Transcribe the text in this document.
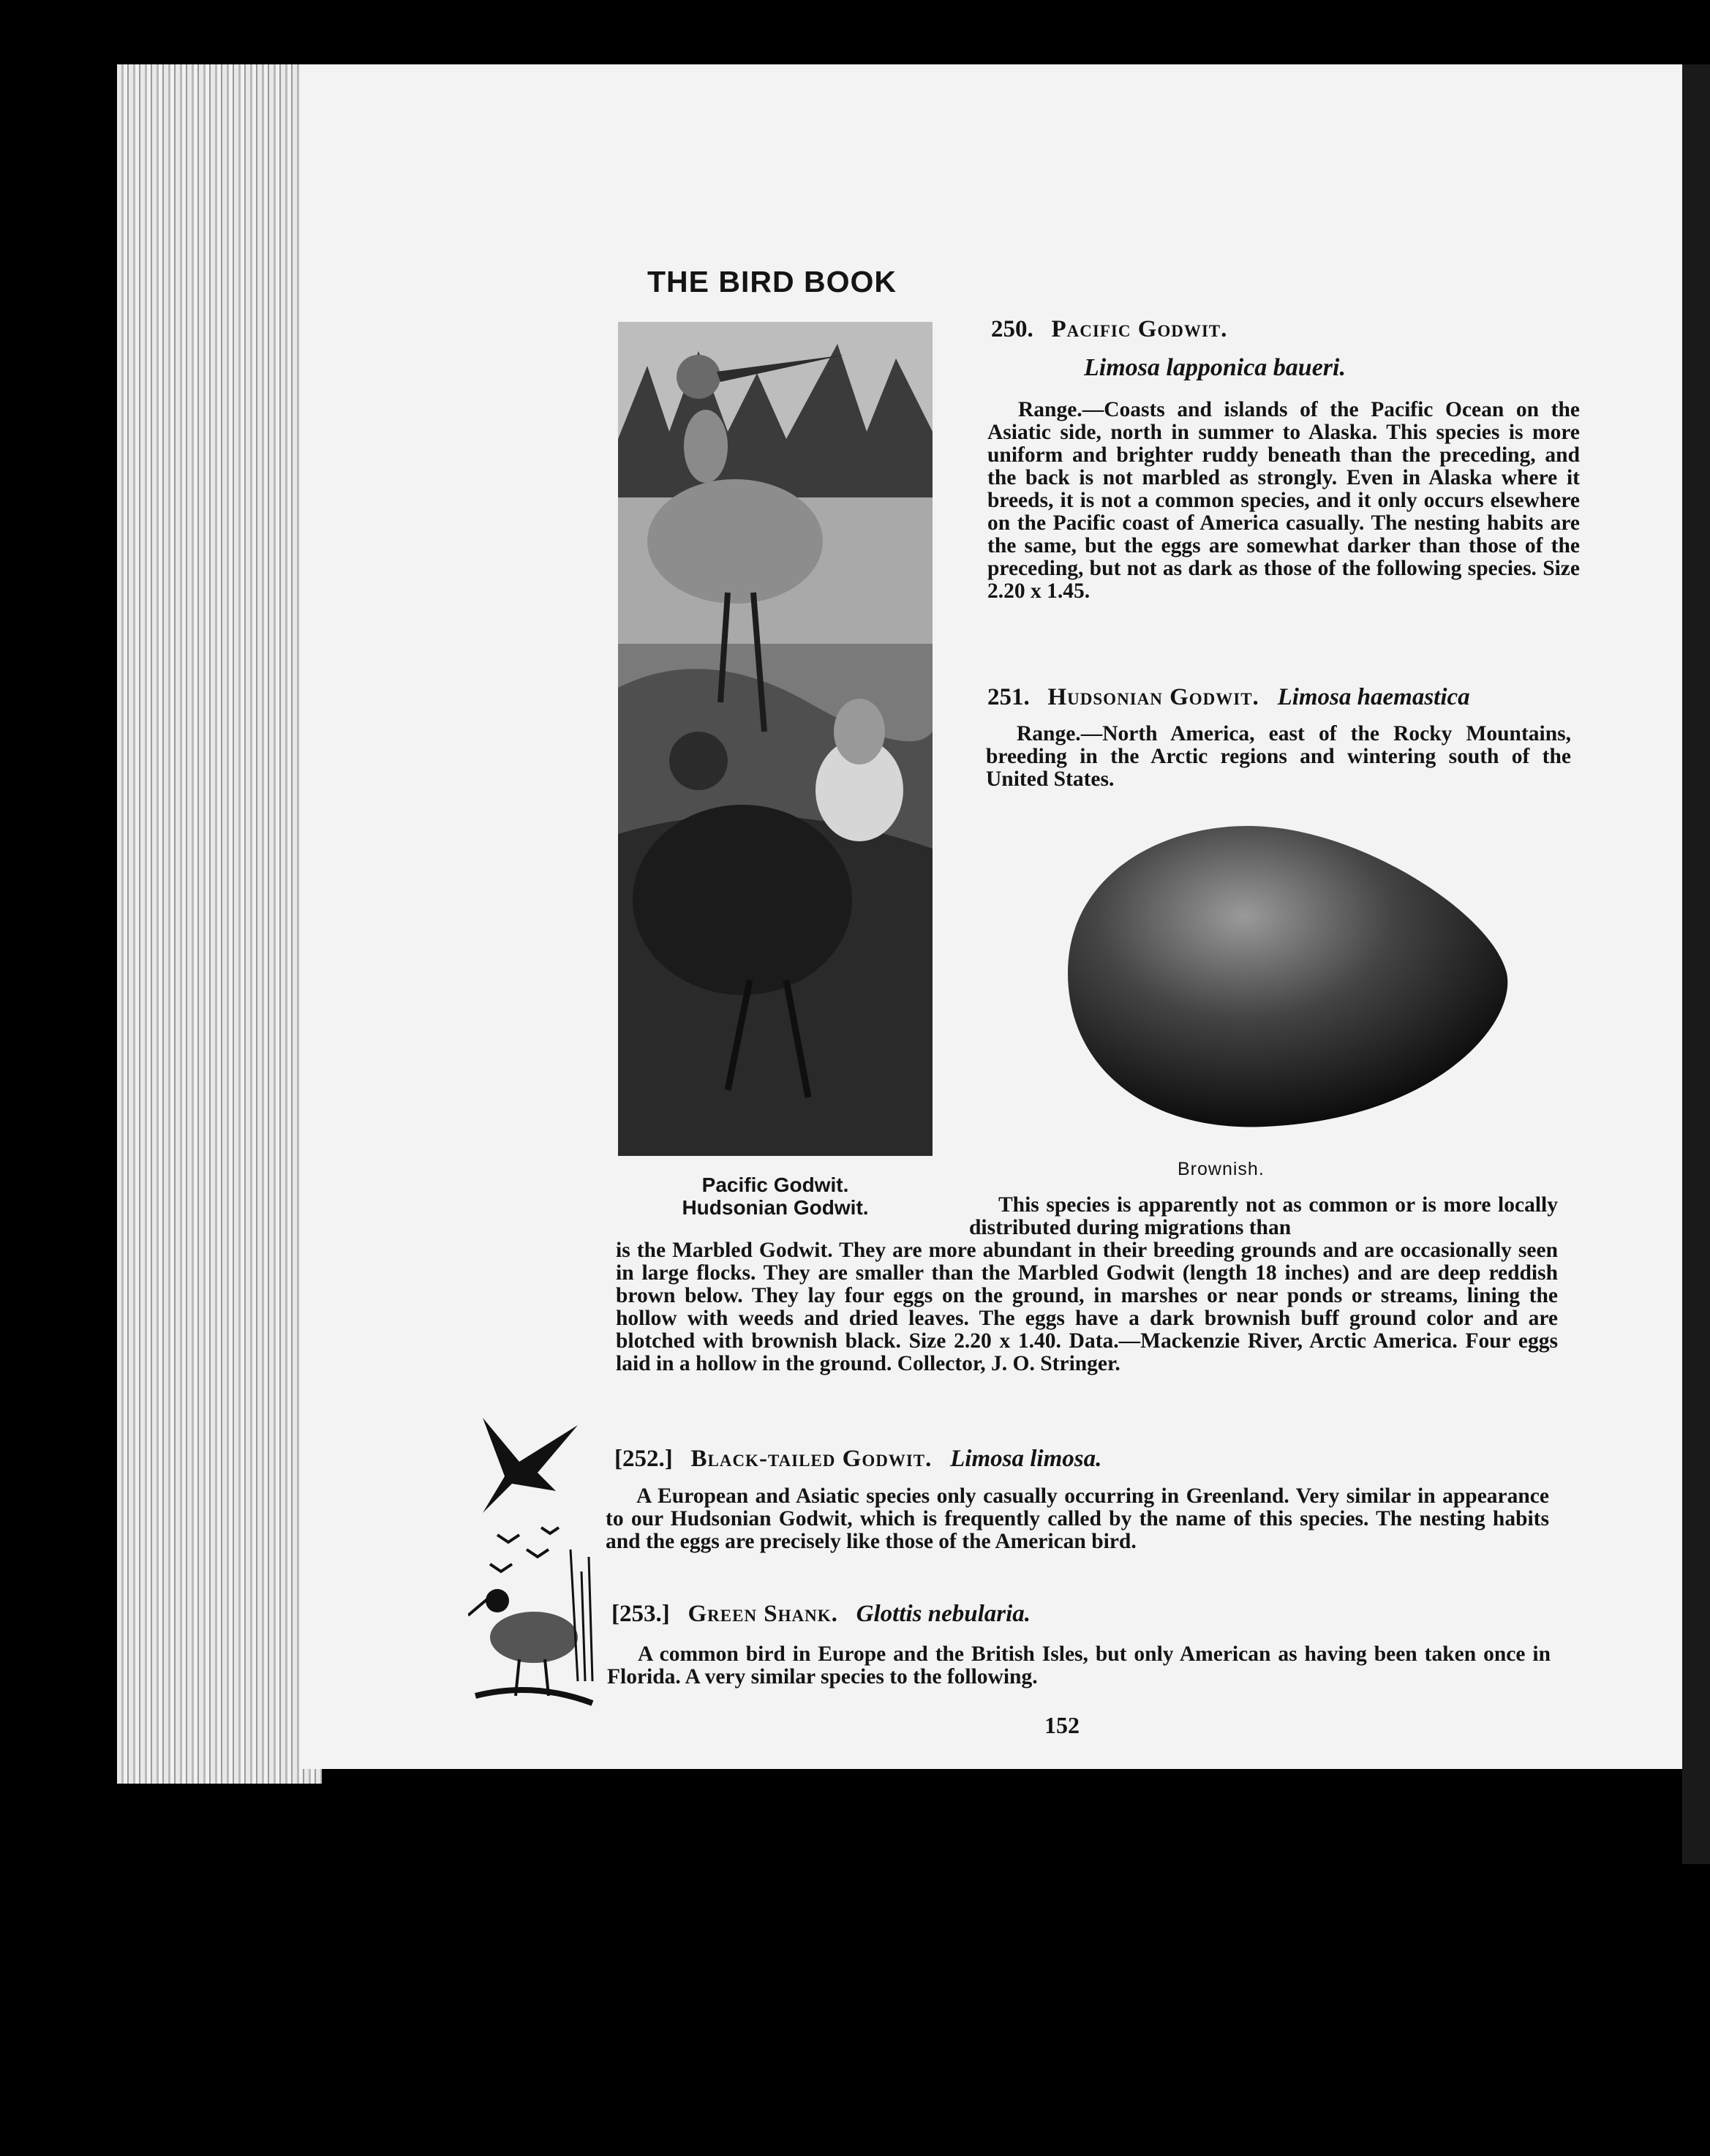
THE BIRD BOOK
Pacific Godwit.
Hudsonian Godwit.
250. Pacific Godwit.
Limosa lapponica baueri.
Range.—Coasts and islands of the Pacific Ocean on the Asiatic side, north in summer to Alaska. This species is more uniform and brighter ruddy beneath than the preceding, and the back is not marbled as strongly. Even in Alaska where it breeds, it is not a common species, and it only occurs elsewhere on the Pacific coast of America casually. The nesting habits are the same, but the eggs are somewhat darker than those of the preceding, but not as dark as those of the following species. Size 2.20 x 1.45.
251. Hudsonian Godwit. Limosa haemastica
Range.—North America, east of the Rocky Mountains, breeding in the Arctic regions and wintering south of the United States.
Brownish.
This species is apparently not as common or is more locally distributed during migrations than
is the Marbled Godwit. They are more abundant in their breeding grounds and are occasionally seen in large flocks. They are smaller than the Marbled Godwit (length 18 inches) and are deep reddish brown below. They lay four eggs on the ground, in marshes or near ponds or streams, lining the hollow with weeds and dried leaves. The eggs have a dark brownish buff ground color and are blotched with brownish black. Size 2.20 x 1.40. Data.—Mackenzie River, Arctic America. Four eggs laid in a hollow in the ground. Collector, J. O. Stringer.
[252.] Black-tailed Godwit. Limosa limosa.
A European and Asiatic species only casually occurring in Greenland. Very similar in appearance to our Hudsonian Godwit, which is frequently called by the name of this species. The nesting habits and the eggs are precisely like those of the American bird.
[253.] Green Shank. Glottis nebularia.
A common bird in Europe and the British Isles, but only American as having been taken once in Florida. A very similar species to the following.
152
